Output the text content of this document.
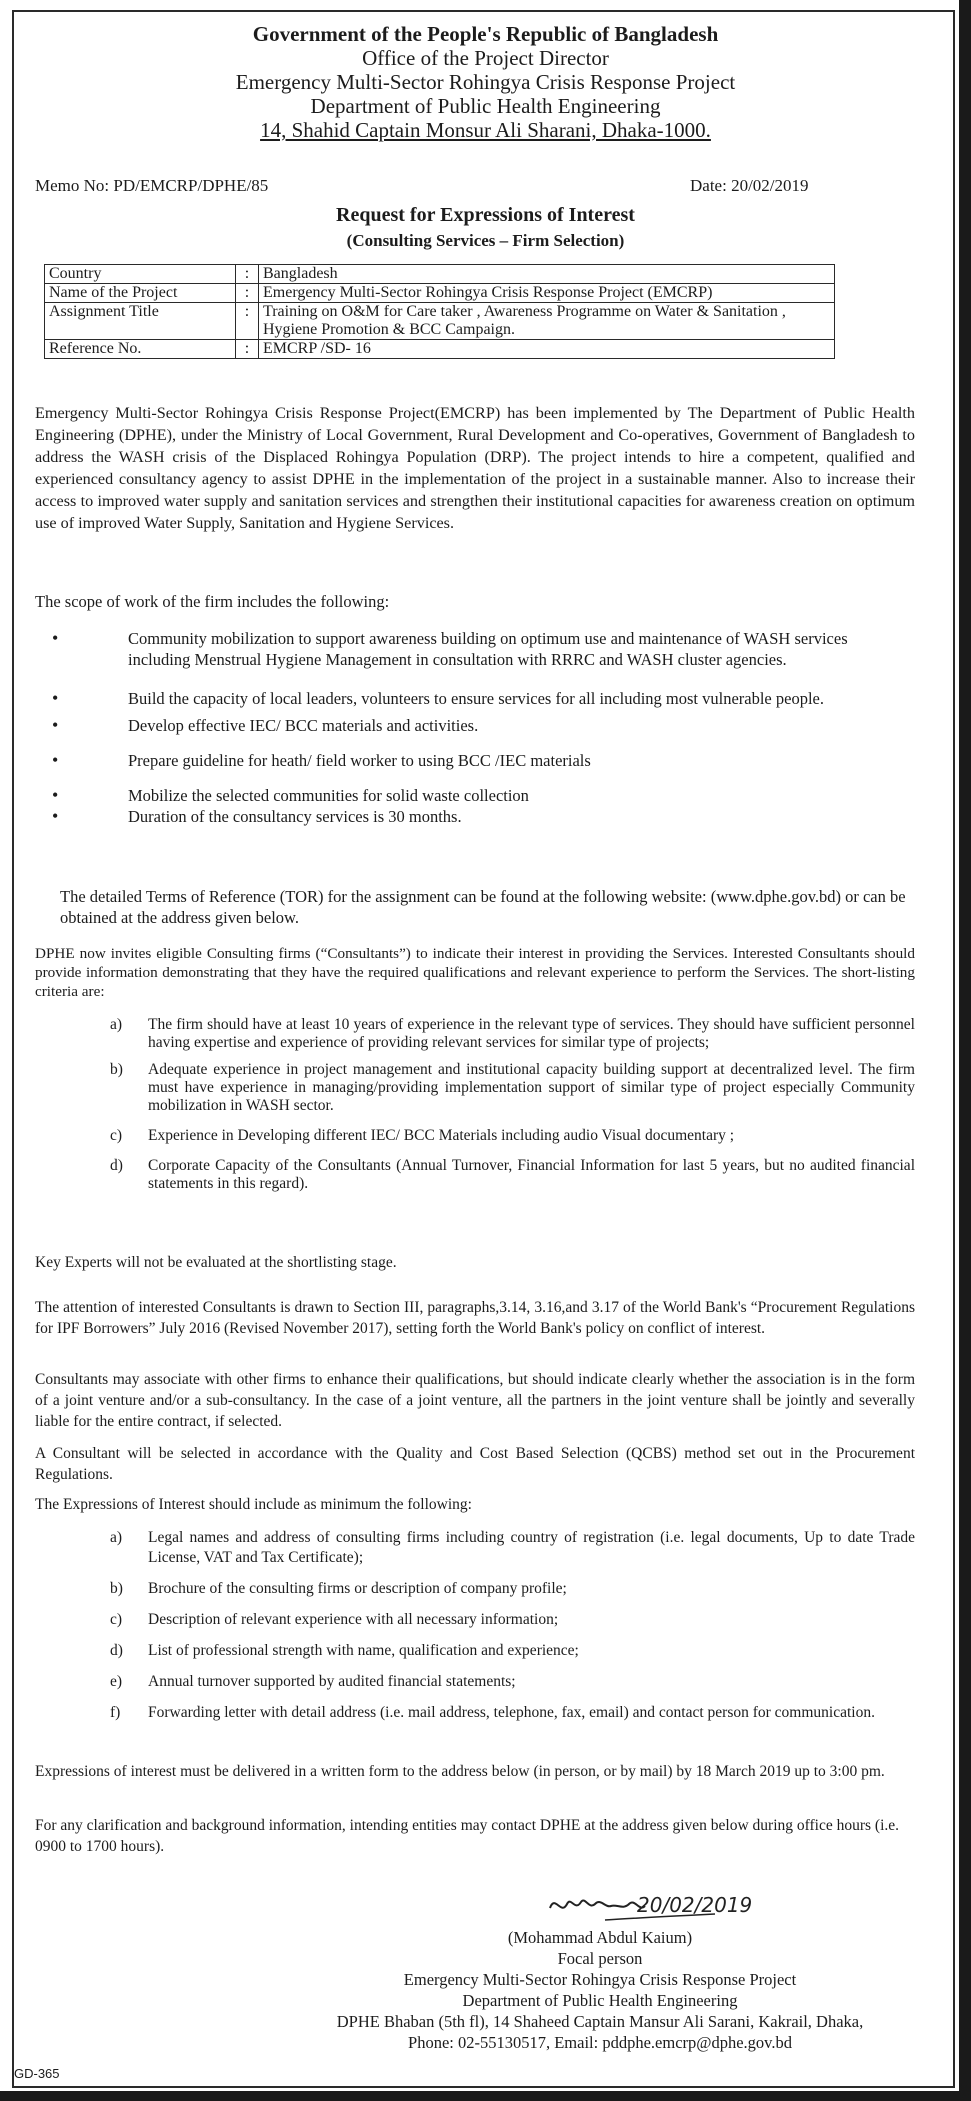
Government of the People's Republic of Bangladesh
Office of the Project Director
Emergency Multi-Sector Rohingya Crisis Response Project
Department of Public Health Engineering
14, Shahid Captain Monsur Ali Sharani, Dhaka-1000.
Memo No: PD/EMCRP/DPHE/85	Date: 20/02/2019
Request for Expressions of Interest
(Consulting Services – Firm Selection)
Country	:	Bangladesh
Name of the Project	:	Emergency Multi-Sector Rohingya Crisis Response Project (EMCRP)
Assignment Title	:	Training on O&M for Care taker , Awareness Programme on Water & Sanitation , Hygiene Promotion & BCC Campaign.
Reference No.	:	EMCRP /SD- 16
Emergency Multi-Sector Rohingya Crisis Response Project(EMCRP) has been implemented by The Department of Public Health Engineering (DPHE), under the Ministry of Local Government, Rural Development and Co-operatives, Government of Bangladesh to address the WASH crisis of the Displaced Rohingya Population (DRP). The project intends to hire a competent, qualified and experienced consultancy agency to assist DPHE in the implementation of the project in a sustainable manner. Also to increase their access to improved water supply and sanitation services and strengthen their institutional capacities for awareness creation on optimum use of improved Water Supply, Sanitation and Hygiene Services.
The scope of work of the firm includes the following:
•	Community mobilization to support awareness building on optimum use and maintenance of WASH services including Menstrual Hygiene Management in consultation with RRRC and WASH cluster agencies.
•	Build the capacity of local leaders, volunteers to ensure services for all including most vulnerable people.
•	Develop effective IEC/ BCC materials and activities.
•	Prepare guideline for heath/ field worker to using BCC /IEC materials
•	Mobilize the selected communities for solid waste collection
•	Duration of the consultancy services is 30 months.
The detailed Terms of Reference (TOR) for the assignment can be found at the following website: (www.dphe.gov.bd) or can be obtained at the address given below.
DPHE now invites eligible Consulting firms (“Consultants”) to indicate their interest in providing the Services. Interested Consultants should provide information demonstrating that they have the required qualifications and relevant experience to perform the Services. The short-listing criteria are:
a) The firm should have at least 10 years of experience in the relevant type of services. They should have sufficient personnel having expertise and experience of providing relevant services for similar type of projects;
b) Adequate experience in project management and institutional capacity building support at decentralized level. The firm must have experience in managing/providing implementation support of similar type of project especially Community mobilization in WASH sector.
c) Experience in Developing different IEC/ BCC Materials including audio Visual documentary ;
d) Corporate Capacity of the Consultants (Annual Turnover, Financial Information for last 5 years, but no audited financial statements in this regard).
Key Experts will not be evaluated at the shortlisting stage.
The attention of interested Consultants is drawn to Section III, paragraphs,3.14, 3.16,and 3.17 of the World Bank's “Procurement Regulations for IPF Borrowers” July 2016 (Revised November 2017), setting forth the World Bank's policy on conflict of interest.
Consultants may associate with other firms to enhance their qualifications, but should indicate clearly whether the association is in the form of a joint venture and/or a sub-consultancy. In the case of a joint venture, all the partners in the joint venture shall be jointly and severally liable for the entire contract, if selected.
A Consultant will be selected in accordance with the Quality and Cost Based Selection (QCBS) method set out in the Procurement Regulations.
The Expressions of Interest should include as minimum the following:
a) Legal names and address of consulting firms including country of registration (i.e. legal documents, Up to date Trade License, VAT and Tax Certificate);
b) Brochure of the consulting firms or description of company profile;
c) Description of relevant experience with all necessary information;
d) List of professional strength with name, qualification and experience;
e) Annual turnover supported by audited financial statements;
f) Forwarding letter with detail address (i.e. mail address, telephone, fax, email) and contact person for communication.
Expressions of interest must be delivered in a written form to the address below (in person, or by mail) by 18 March 2019 up to 3:00 pm.
For any clarification and background information, intending entities may contact DPHE at the address given below during office hours (i.e. 0900 to 1700 hours).
20/02/2019
(Mohammad Abdul Kaium)
Focal person
Emergency Multi-Sector Rohingya Crisis Response Project
Department of Public Health Engineering
DPHE Bhaban (5th fl), 14 Shaheed Captain Mansur Ali Sarani, Kakrail, Dhaka,
Phone: 02-55130517, Email: pddphe.emcrp@dphe.gov.bd
GD-365
